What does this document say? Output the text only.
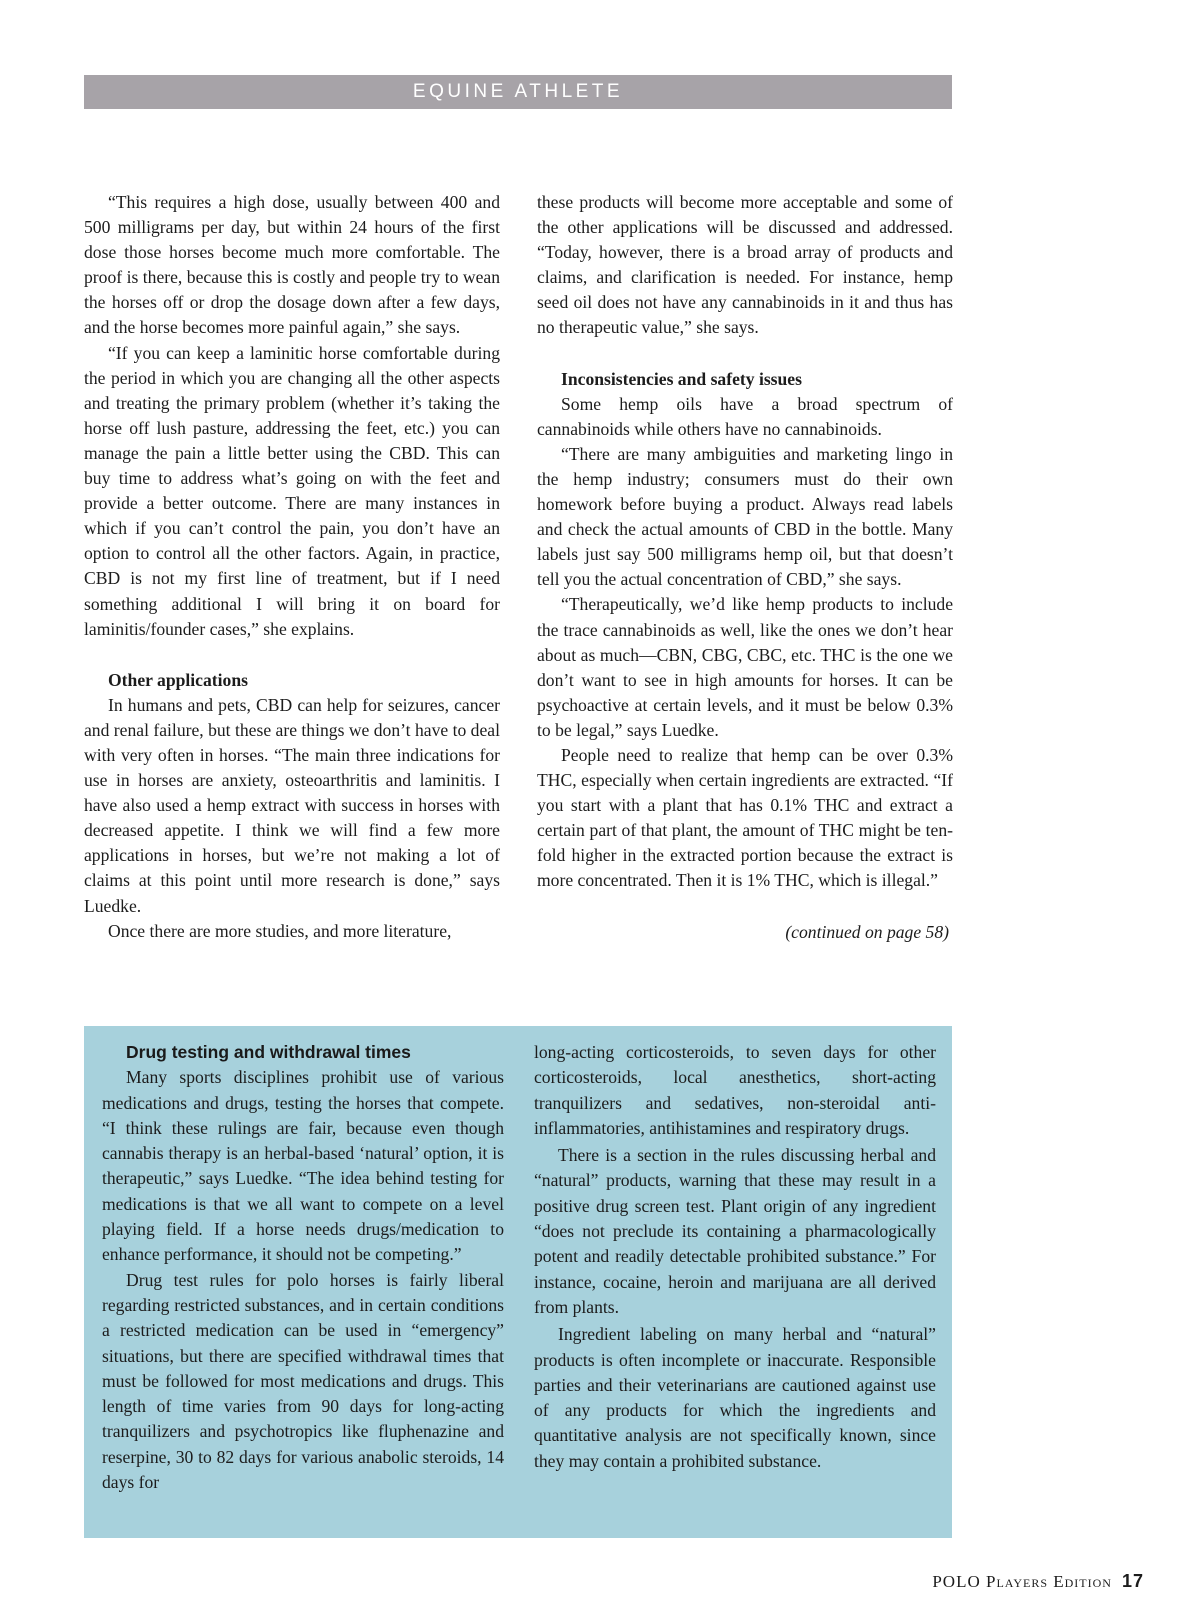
EQUINE ATHLETE

“This requires a high dose, usually between 400 and 500 milligrams per day, but within 24 hours of the first dose those horses become much more comfortable. The proof is there, because this is costly and people try to wean the horses off or drop the dosage down after a few days, and the horse becomes more painful again,” she says.

“If you can keep a laminitic horse comfortable during the period in which you are changing all the other aspects and treating the primary problem (whether it’s taking the horse off lush pasture, addressing the feet, etc.) you can manage the pain a little better using the CBD. This can buy time to address what’s going on with the feet and provide a better outcome. There are many instances in which if you can’t control the pain, you don’t have an option to control all the other factors. Again, in practice, CBD is not my first line of treatment, but if I need something additional I will bring it on board for laminitis/founder cases,” she explains.

Other applications

In humans and pets, CBD can help for seizures, cancer and renal failure, but these are things we don’t have to deal with very often in horses. “The main three indications for use in horses are anxiety, osteoarthritis and laminitis. I have also used a hemp extract with success in horses with decreased appetite. I think we will find a few more applications in horses, but we’re not making a lot of claims at this point until more research is done,” says Luedke.

Once there are more studies, and more literature,

these products will become more acceptable and some of the other applications will be discussed and addressed. “Today, however, there is a broad array of products and claims, and clarification is needed. For instance, hemp seed oil does not have any cannabinoids in it and thus has no therapeutic value,” she says.

Inconsistencies and safety issues

Some hemp oils have a broad spectrum of cannabinoids while others have no cannabinoids.

“There are many ambiguities and marketing lingo in the hemp industry; consumers must do their own homework before buying a product. Always read labels and check the actual amounts of CBD in the bottle. Many labels just say 500 milligrams hemp oil, but that doesn’t tell you the actual concentration of CBD,” she says.

“Therapeutically, we’d like hemp products to include the trace cannabinoids as well, like the ones we don’t hear about as much—CBN, CBG, CBC, etc. THC is the one we don’t want to see in high amounts for horses. It can be psychoactive at certain levels, and it must be below 0.3% to be legal,” says Luedke.

People need to realize that hemp can be over 0.3% THC, especially when certain ingredients are extracted. “If you start with a plant that has 0.1% THC and extract a certain part of that plant, the amount of THC might be ten-fold higher in the extracted portion because the extract is more concentrated. Then it is 1% THC, which is illegal.”

(continued on page 58)
Drug testing and withdrawal times

Many sports disciplines prohibit use of various medications and drugs, testing the horses that compete. “I think these rulings are fair, because even though cannabis therapy is an herbal-based ‘natural’ option, it is therapeutic,” says Luedke. “The idea behind testing for medications is that we all want to compete on a level playing field. If a horse needs drugs/medication to enhance performance, it should not be competing.”

Drug test rules for polo horses is fairly liberal regarding restricted substances, and in certain conditions a restricted medication can be used in “emergency” situations, but there are specified withdrawal times that must be followed for most medications and drugs. This length of time varies from 90 days for long-acting tranquilizers and psychotropics like fluphenazine and reserpine, 30 to 82 days for various anabolic steroids, 14 days for

long-acting corticosteroids, to seven days for other corticosteroids, local anesthetics, short-acting tranquilizers and sedatives, non-steroidal anti-inflammatories, antihistamines and respiratory drugs.

There is a section in the rules discussing herbal and “natural” products, warning that these may result in a positive drug screen test. Plant origin of any ingredient “does not preclude its containing a pharmacologically potent and readily detectable prohibited substance.” For instance, cocaine, heroin and marijuana are all derived from plants.

Ingredient labeling on many herbal and “natural” products is often incomplete or inaccurate. Responsible parties and their veterinarians are cautioned against use of any products for which the ingredients and quantitative analysis are not specifically known, since they may contain a prohibited substance.

POLO Players Edition 17
